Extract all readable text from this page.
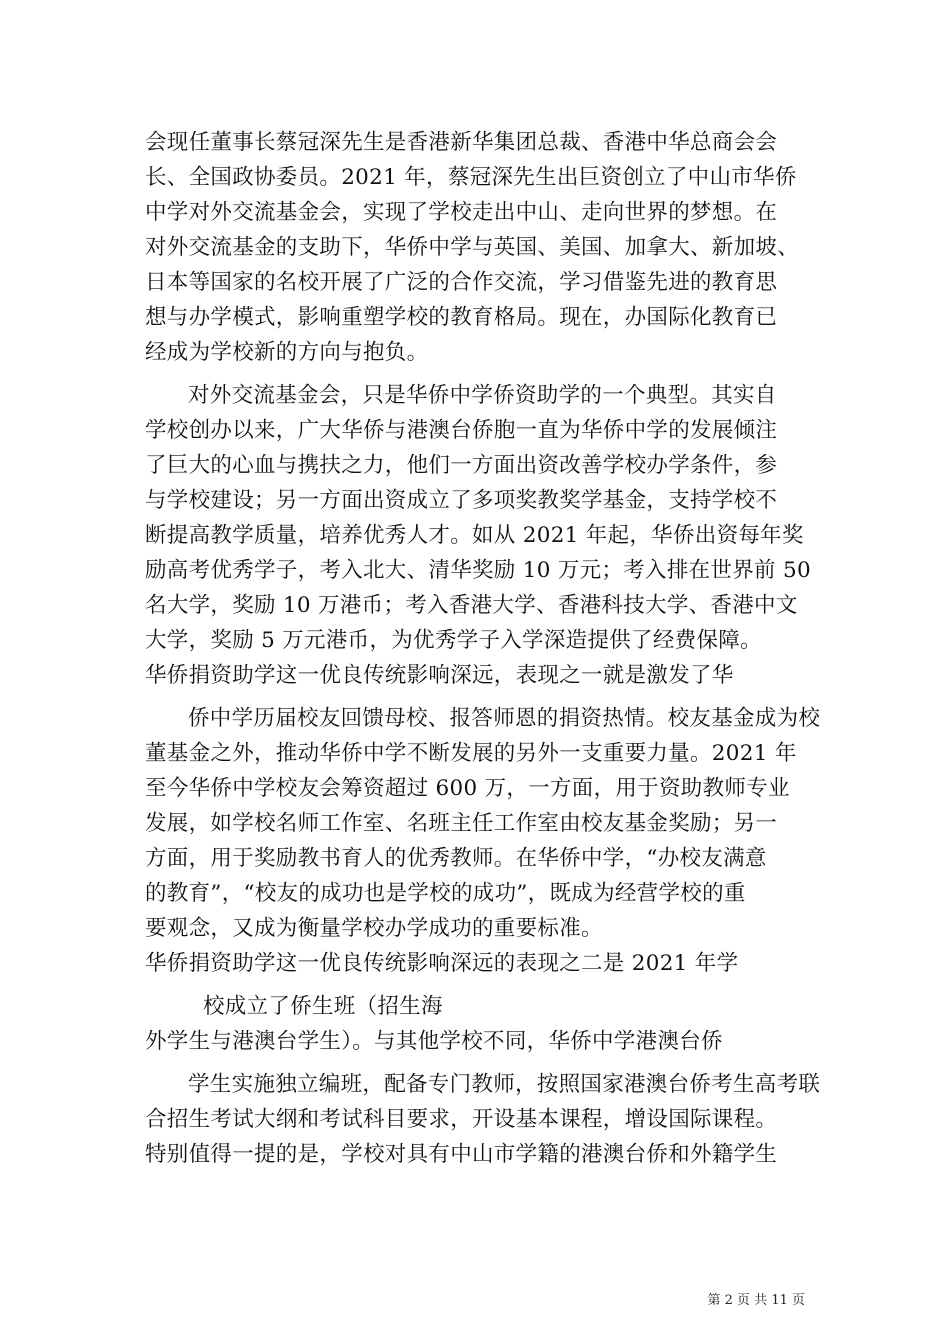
会现任董事长蔡冠深先生是香港新华集团总裁、香港中华总商会会
长、全国政协委员。2021 年，蔡冠深先生出巨资创立了中山市华侨
中学对外交流基金会，实现了学校走出中山、走向世界的梦想。在
对外交流基金的支助下，华侨中学与英国、美国、加拿大、新加坡、
日本等国家的名校开展了广泛的合作交流，学习借鉴先进的教育思
想与办学模式，影响重塑学校的教育格局。现在，办国际化教育已
经成为学校新的方向与抱负。
对外交流基金会，只是华侨中学侨资助学的一个典型。其实自
学校创办以来，广大华侨与港澳台侨胞一直为华侨中学的发展倾注
了巨大的心血与携扶之力，他们一方面出资改善学校办学条件，参
与学校建设；另一方面出资成立了多项奖教奖学基金，支持学校不
断提高教学质量，培养优秀人才。如从 2021 年起，华侨出资每年奖
励高考优秀学子，考入北大、清华奖励 10 万元；考入排在世界前 50
名大学，奖励 10 万港币；考入香港大学、香港科技大学、香港中文
大学，奖励 5 万元港币，为优秀学子入学深造提供了经费保障。
华侨捐资助学这一优良传统影响深远，表现之一就是激发了华
侨中学历届校友回馈母校、报答师恩的捐资热情。校友基金成为校
董基金之外，推动华侨中学不断发展的另外一支重要力量。2021 年
至今华侨中学校友会筹资超过 600 万，一方面，用于资助教师专业
发展，如学校名师工作室、名班主任工作室由校友基金奖励；另一
方面，用于奖励教书育人的优秀教师。在华侨中学，“办校友满意
的教育”，“校友的成功也是学校的成功”，既成为经营学校的重
要观念，又成为衡量学校办学成功的重要标准。
华侨捐资助学这一优良传统影响深远的表现之二是 2021 年学
校成立了侨生班（招生海
外学生与港澳台学生）。与其他学校不同，华侨中学港澳台侨
学生实施独立编班，配备专门教师，按照国家港澳台侨考生高考联
合招生考试大纲和考试科目要求，开设基本课程，增设国际课程。
特别值得一提的是，学校对具有中山市学籍的港澳台侨和外籍学生
第 2 页 共 11 页
